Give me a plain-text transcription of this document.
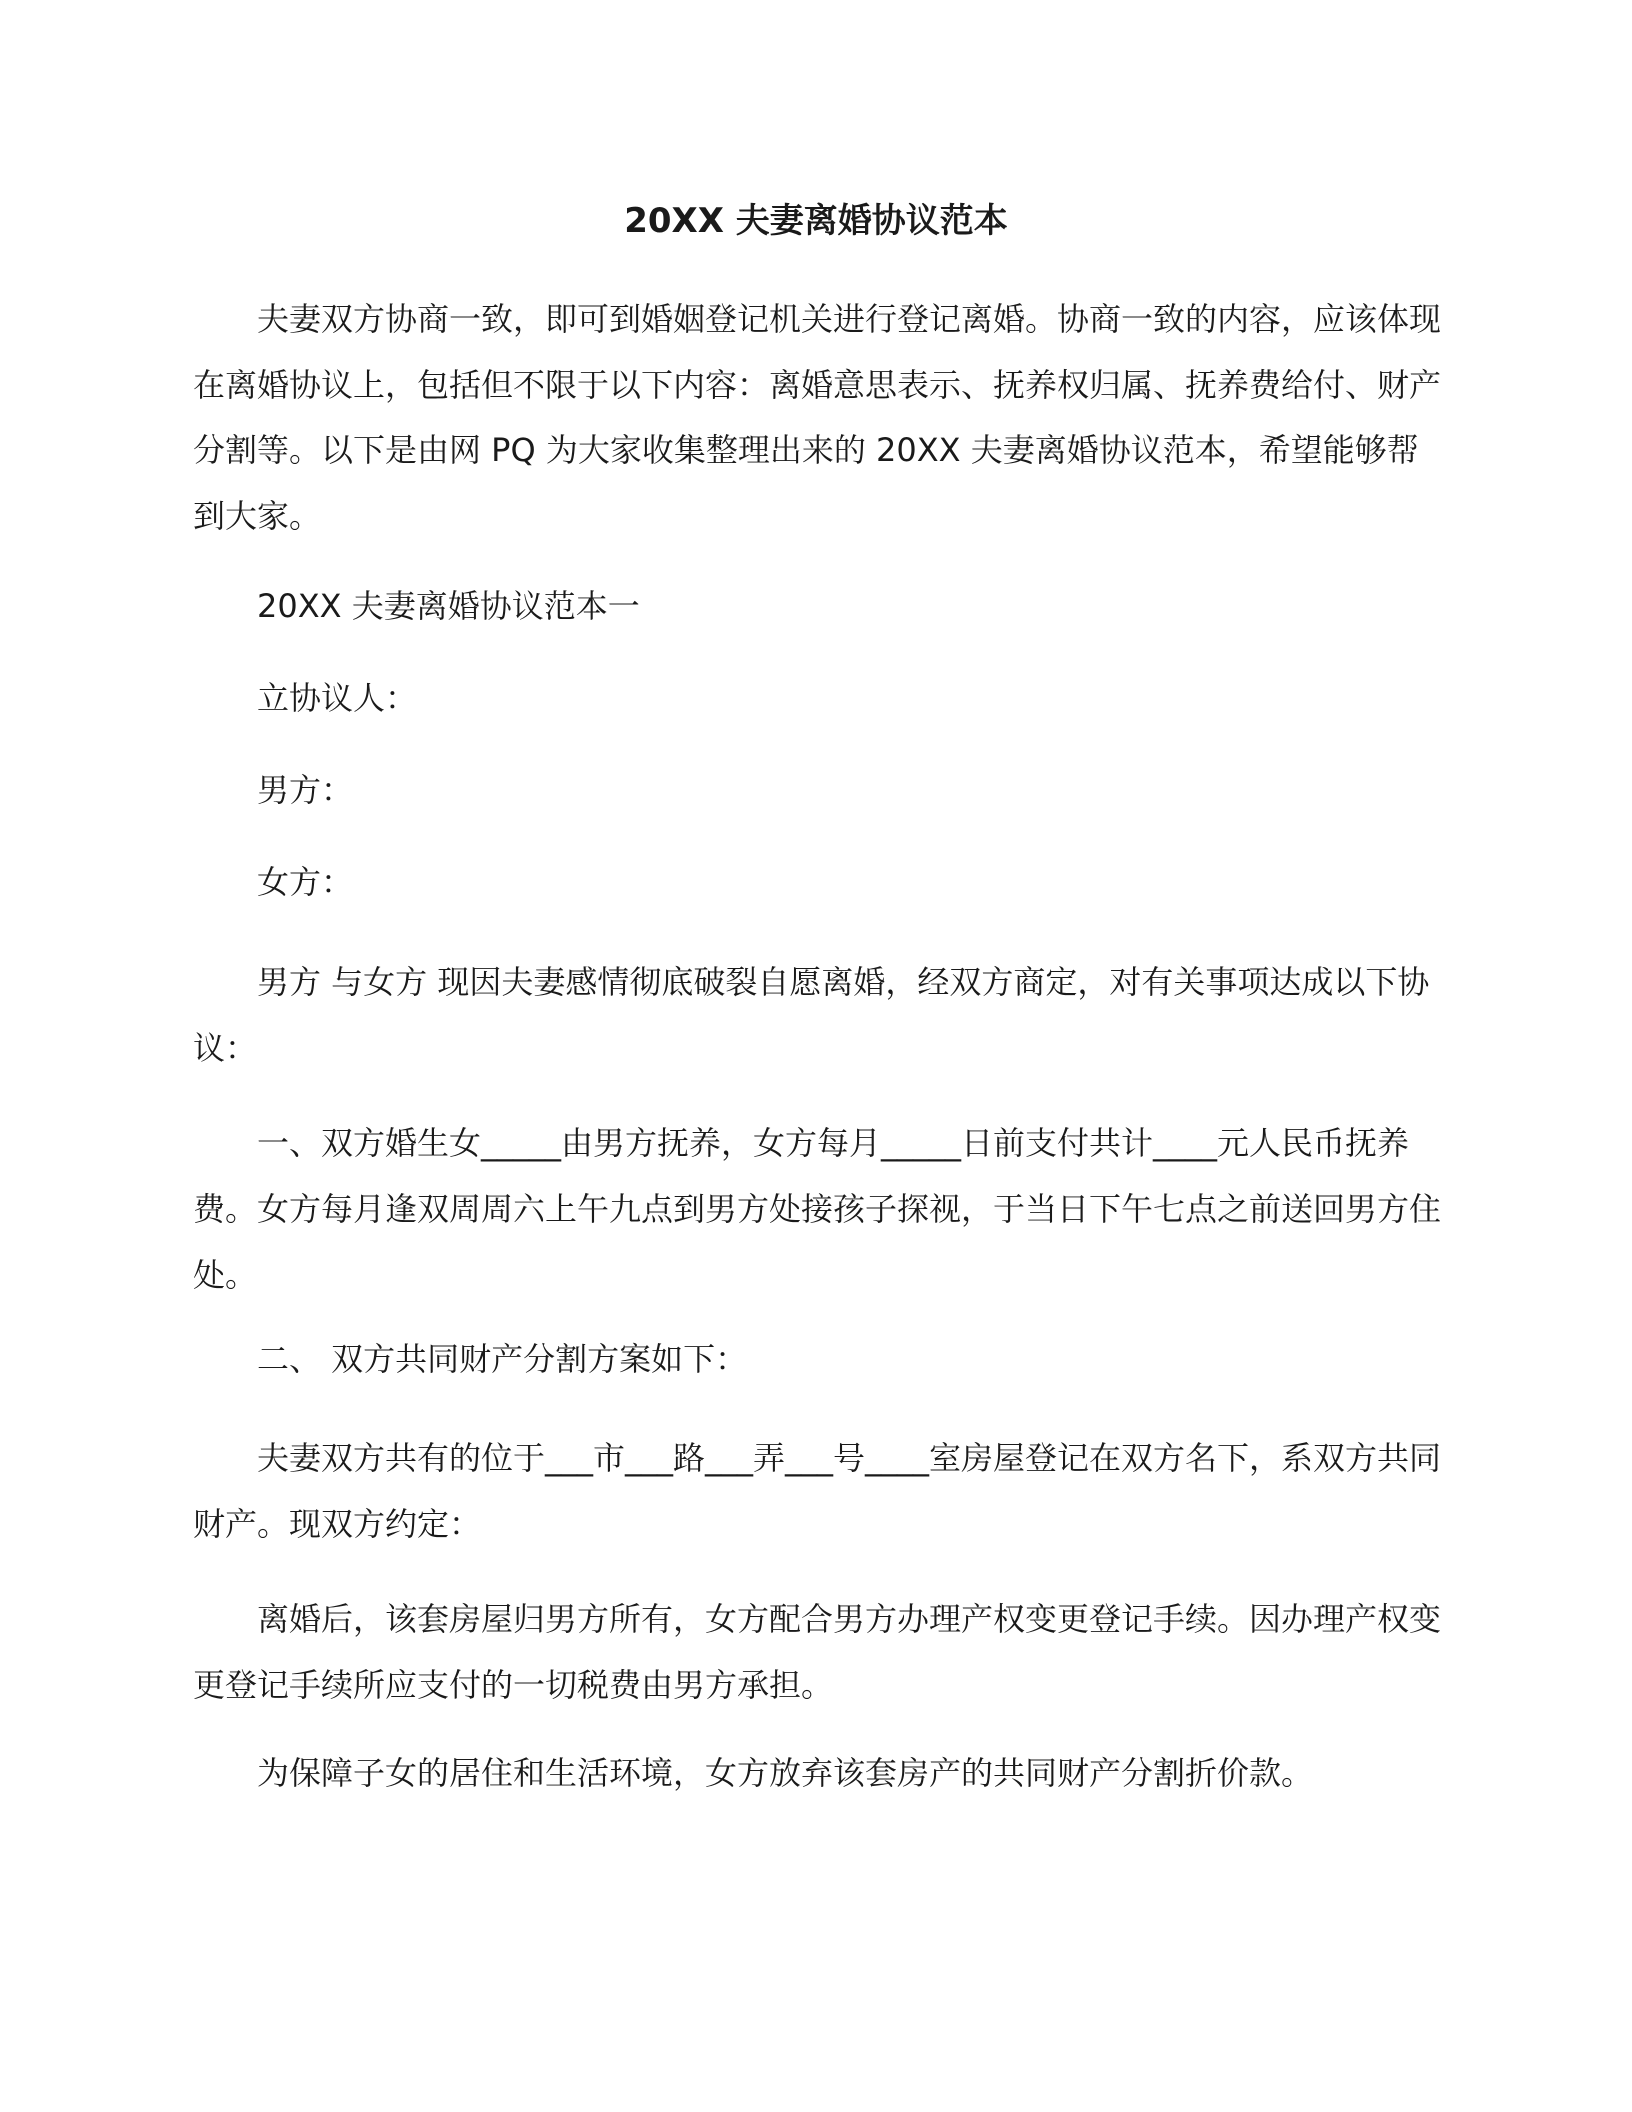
20XX 夫妻离婚协议范本

夫妻双方协商一致，即可到婚姻登记机关进行登记离婚。协商一致的内容，应该体现在离婚协议上，包括但不限于以下内容：离婚意思表示、抚养权归属、抚养费给付、财产分割等。以下是由网 PQ 为大家收集整理出来的 20XX 夫妻离婚协议范本，希望能够帮到大家。

20XX 夫妻离婚协议范本一

立协议人：

男方：

女方：

男方 与女方 现因夫妻感情彻底破裂自愿离婚，经双方商定，对有关事项达成以下协议：

一、双方婚生女_____由男方抚养，女方每月_____日前支付共计____元人民币抚养费。女方每月逢双周周六上午九点到男方处接孩子探视，于当日下午七点之前送回男方住处。

二、 双方共同财产分割方案如下：

夫妻双方共有的位于___市___路___弄___号____室房屋登记在双方名下，系双方共同财产。现双方约定：

离婚后，该套房屋归男方所有，女方配合男方办理产权变更登记手续。因办理产权变更登记手续所应支付的一切税费由男方承担。

为保障子女的居住和生活环境，女方放弃该套房产的共同财产分割折价款。
